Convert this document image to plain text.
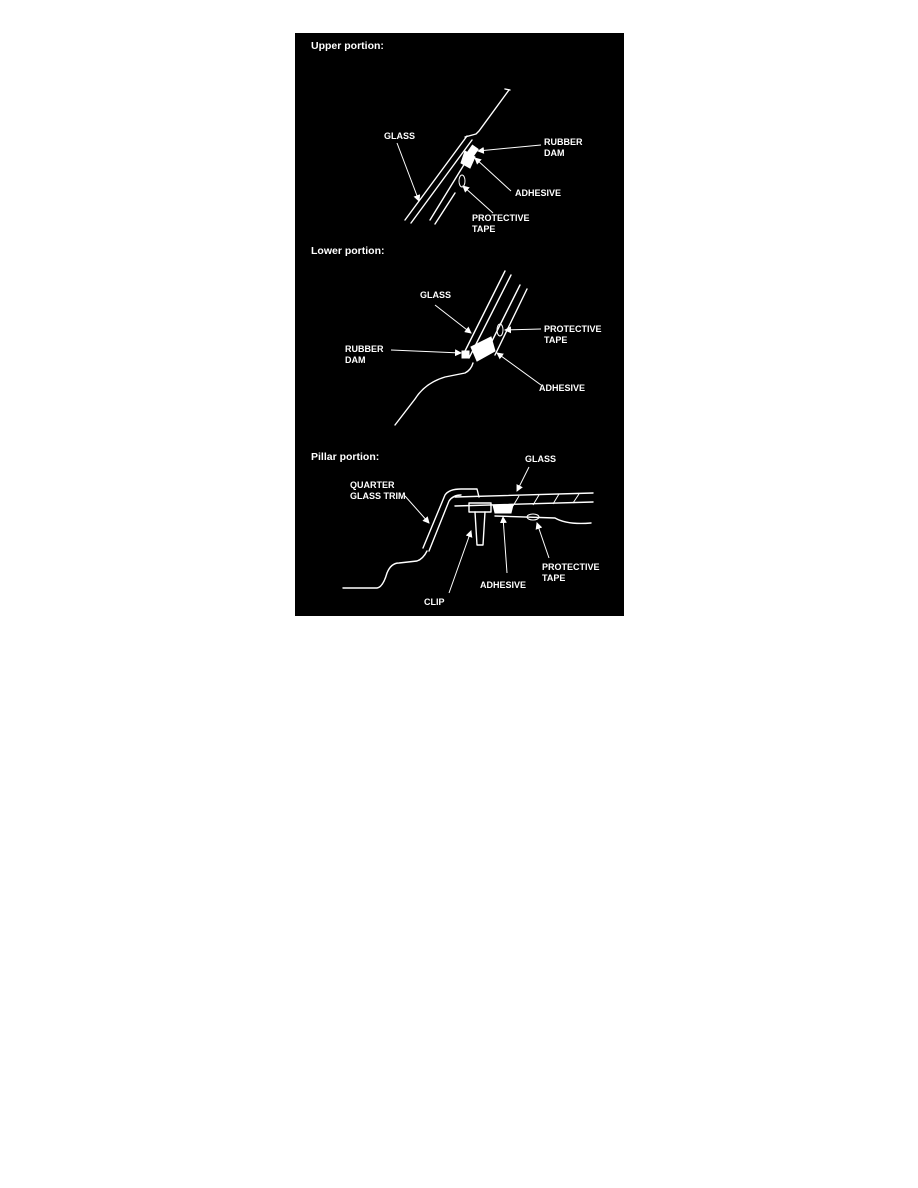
Upper portion:
Lower portion:
Pillar portion:
GLASS
RUBBER
DAM
ADHESIVE
PROTECTIVE
TAPE
GLASS
PROTECTIVE
TAPE
RUBBER
DAM
ADHESIVE
GLASS
QUARTER
GLASS TRIM
PROTECTIVE
TAPE
ADHESIVE
CLIP
